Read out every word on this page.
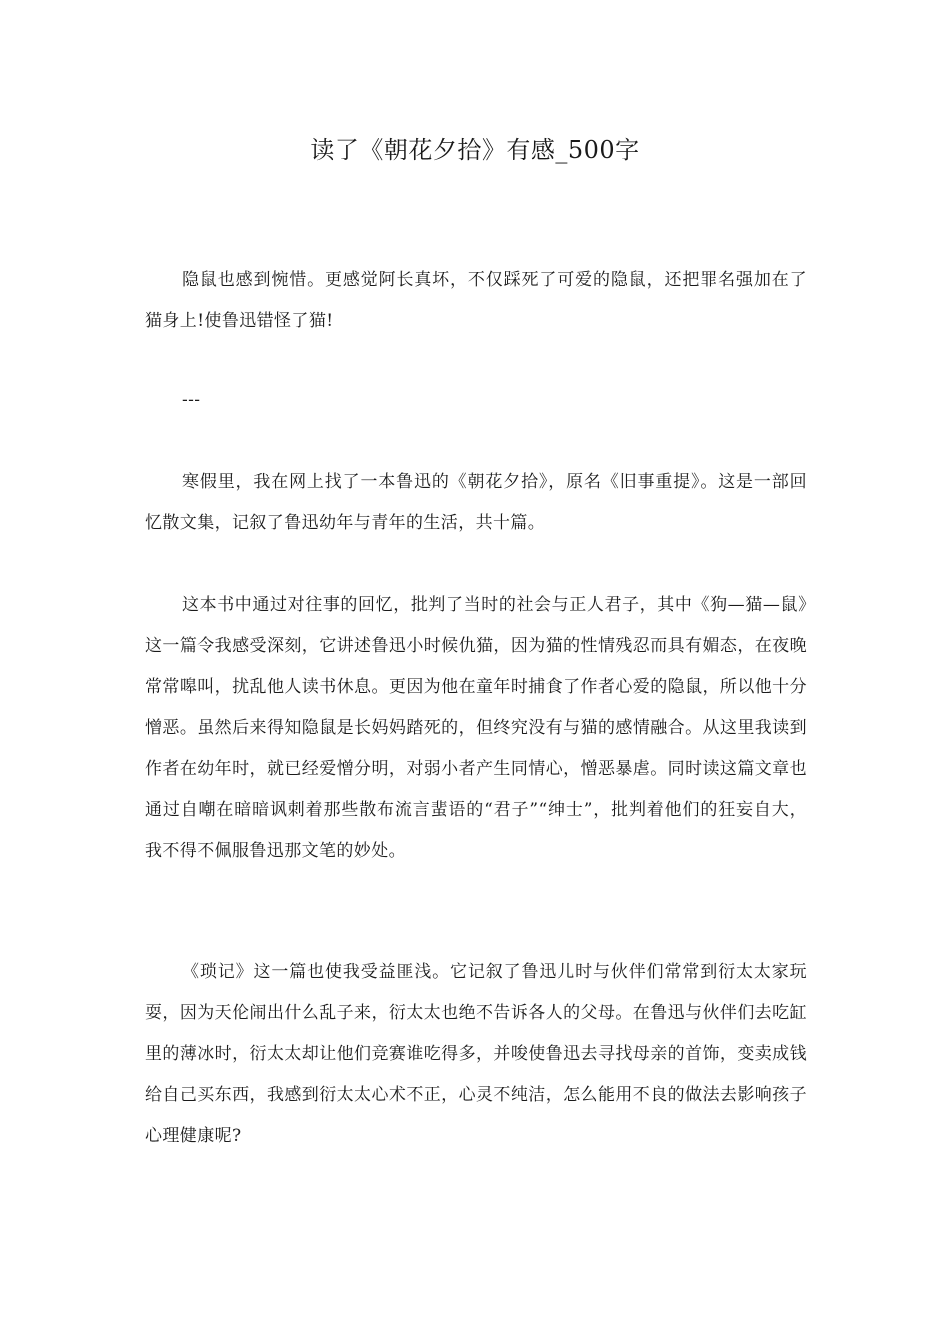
读了《朝花夕拾》有感_500字

隐鼠也感到惋惜。更感觉阿长真坏，不仅踩死了可爱的隐鼠，还把罪名强加在了猫身上!使鲁迅错怪了猫!

---

寒假里，我在网上找了一本鲁迅的《朝花夕拾》，原名《旧事重提》。这是一部回忆散文集，记叙了鲁迅幼年与青年的生活，共十篇。

这本书中通过对往事的回忆，批判了当时的社会与正人君子，其中《狗—猫—鼠》这一篇令我感受深刻，它讲述鲁迅小时候仇猫，因为猫的性情残忍而具有媚态，在夜晚常常嗥叫，扰乱他人读书休息。更因为他在童年时捕食了作者心爱的隐鼠，所以他十分憎恶。虽然后来得知隐鼠是长妈妈踏死的，但终究没有与猫的感情融合。从这里我读到作者在幼年时，就已经爱憎分明，对弱小者产生同情心，憎恶暴虐。同时读这篇文章也通过自嘲在暗暗讽刺着那些散布流言蜚语的“君子”“绅士”，批判着他们的狂妄自大，我不得不佩服鲁迅那文笔的妙处。

《琐记》这一篇也使我受益匪浅。它记叙了鲁迅儿时与伙伴们常常到衍太太家玩耍，因为天伦闹出什么乱子来，衍太太也绝不告诉各人的父母。在鲁迅与伙伴们去吃缸里的薄冰时，衍太太却让他们竞赛谁吃得多，并唆使鲁迅去寻找母亲的首饰，变卖成钱给自己买东西，我感到衍太太心术不正，心灵不纯洁，怎么能用不良的做法去影响孩子心理健康呢?
